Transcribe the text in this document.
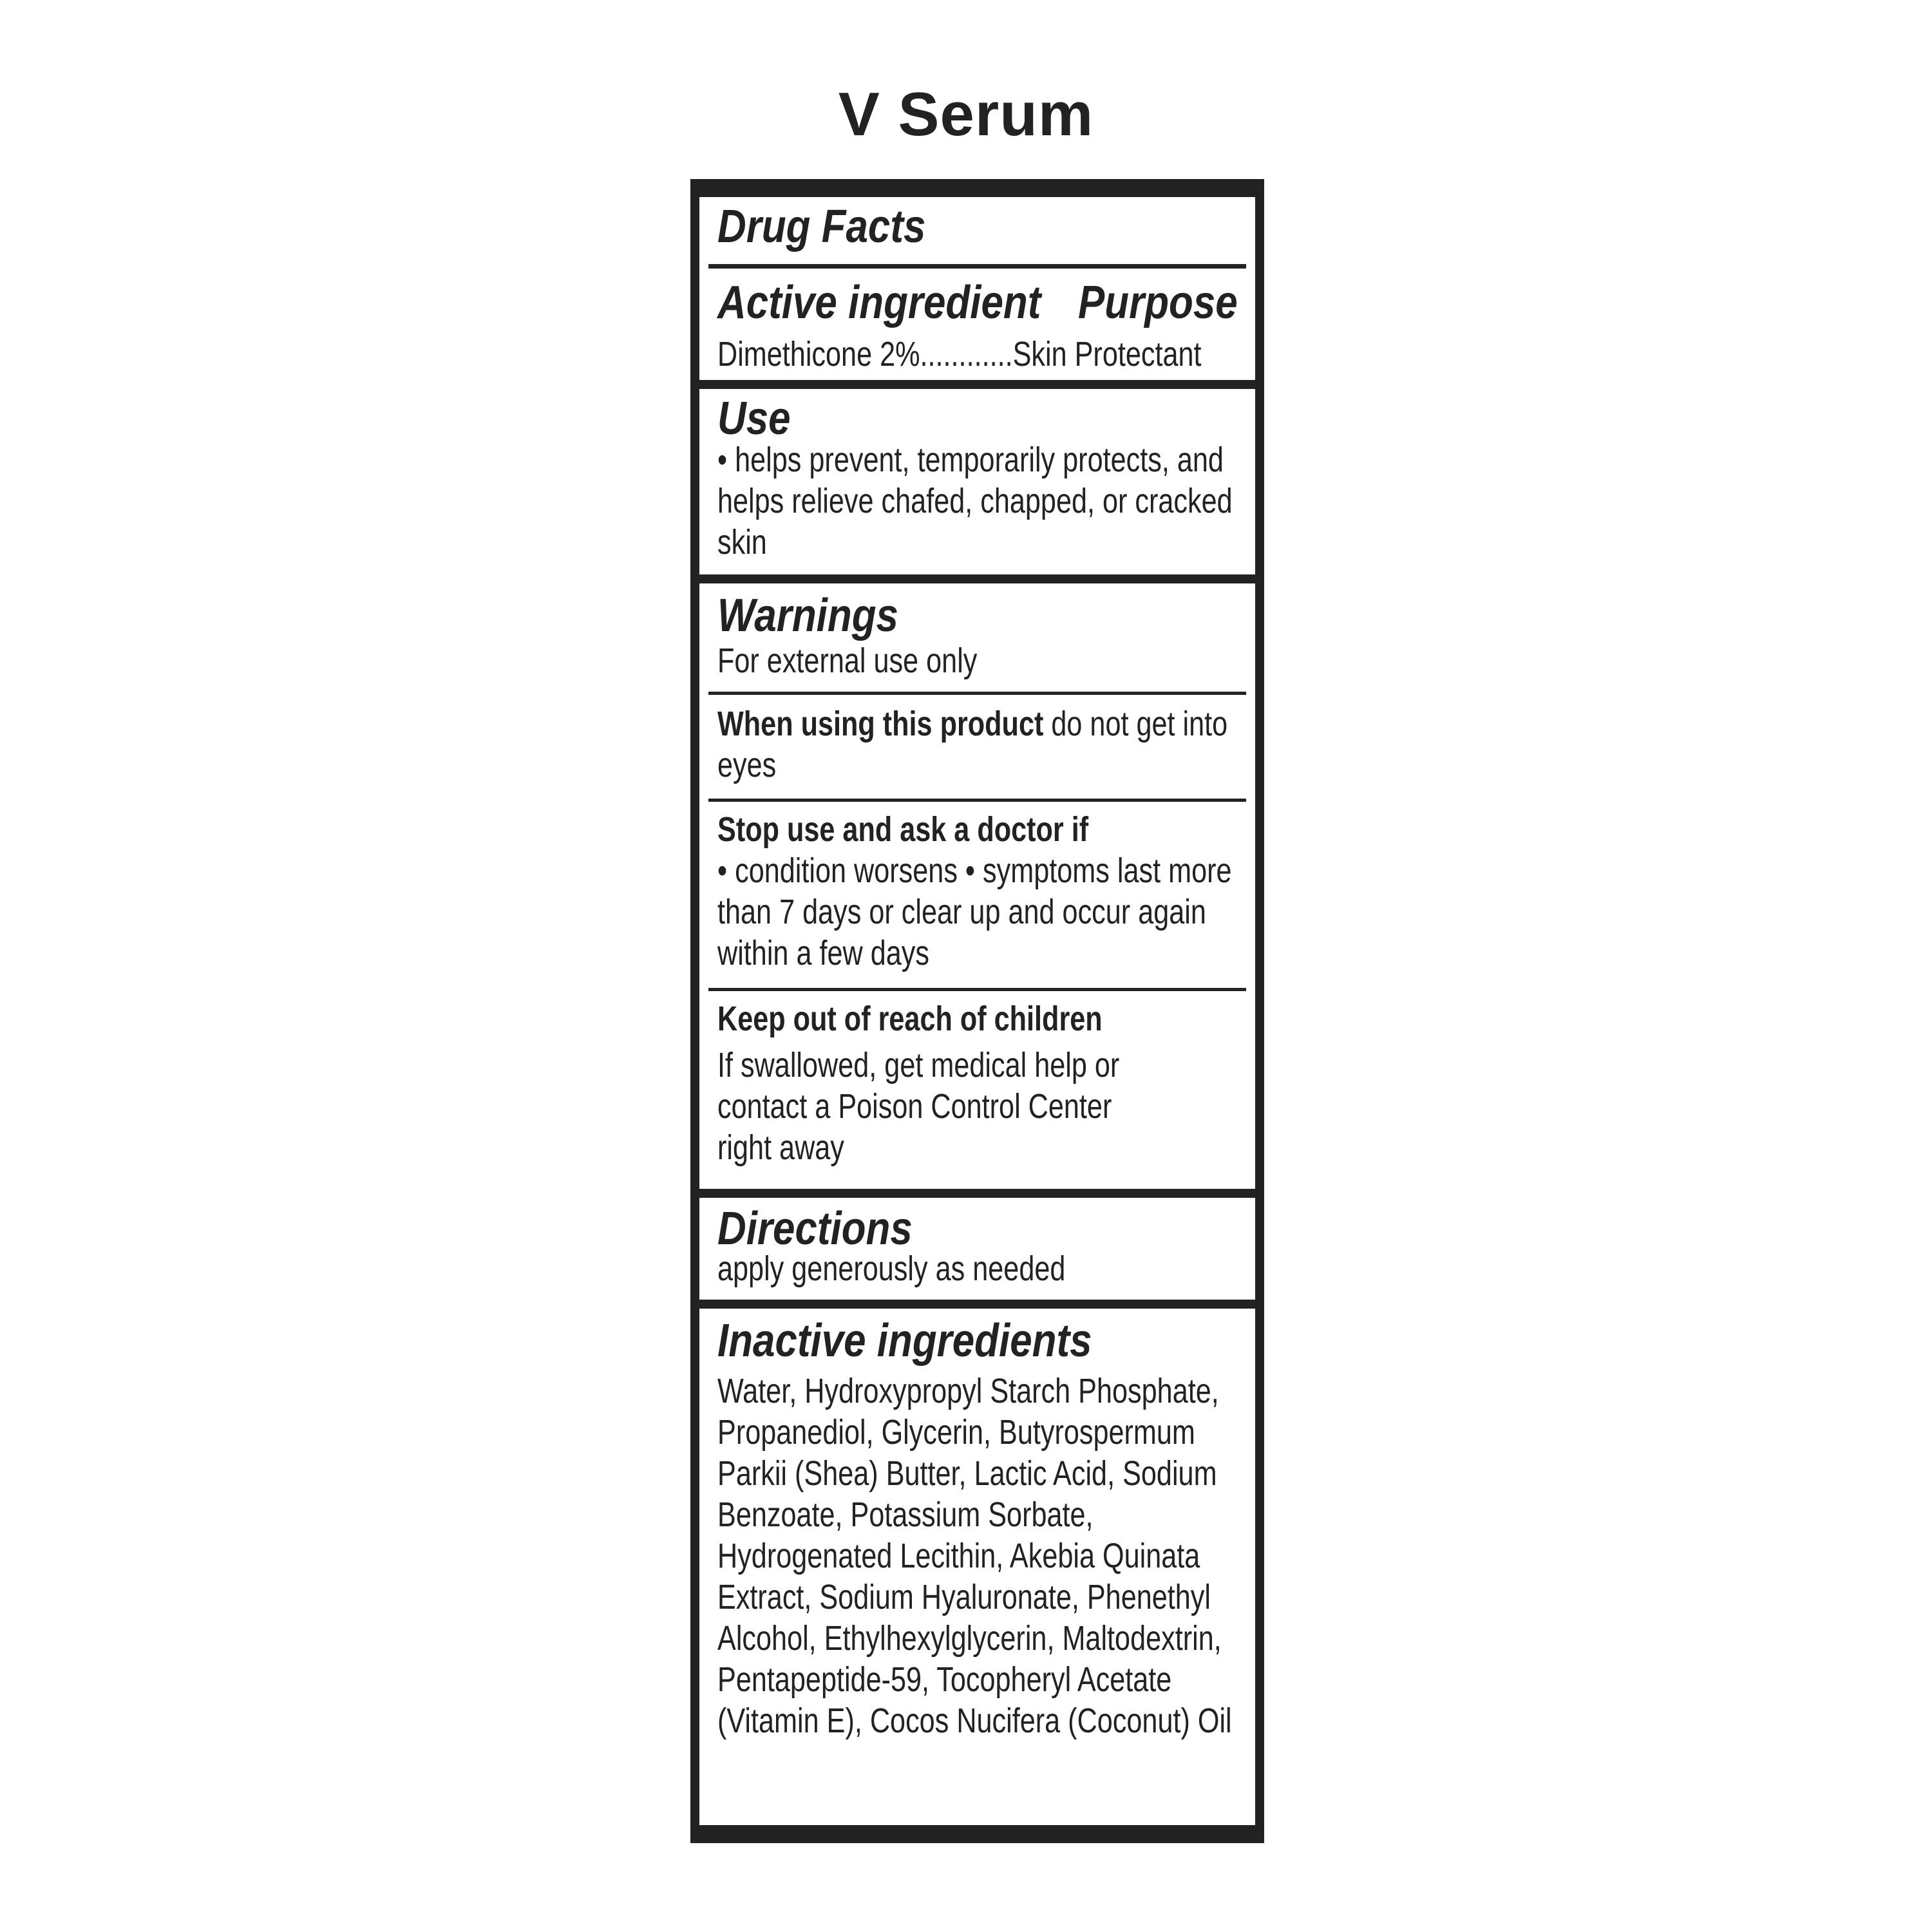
V Serum
Drug Facts
Active ingredient Purpose
Dimethicone 2%............Skin Protectant
Use
• helps prevent, temporarily protects, and helps relieve chafed, chapped, or cracked skin
Warnings
For external use only
When using this product do not get into eyes
Stop use and ask a doctor if
• condition worsens • symptoms last more than 7 days or clear up and occur again within a few days
Keep out of reach of children
If swallowed, get medical help or contact a Poison Control Center right away
Directions
apply generously as needed
Inactive ingredients
Water, Hydroxypropyl Starch Phosphate, Propanediol, Glycerin, Butyrospermum Parkii (Shea) Butter, Lactic Acid, Sodium Benzoate, Potassium Sorbate, Hydrogenated Lecithin, Akebia Quinata Extract, Sodium Hyaluronate, Phenethyl Alcohol, Ethylhexylglycerin, Maltodextrin, Pentapeptide-59, Tocopheryl Acetate (Vitamin E), Cocos Nucifera (Coconut) Oil
